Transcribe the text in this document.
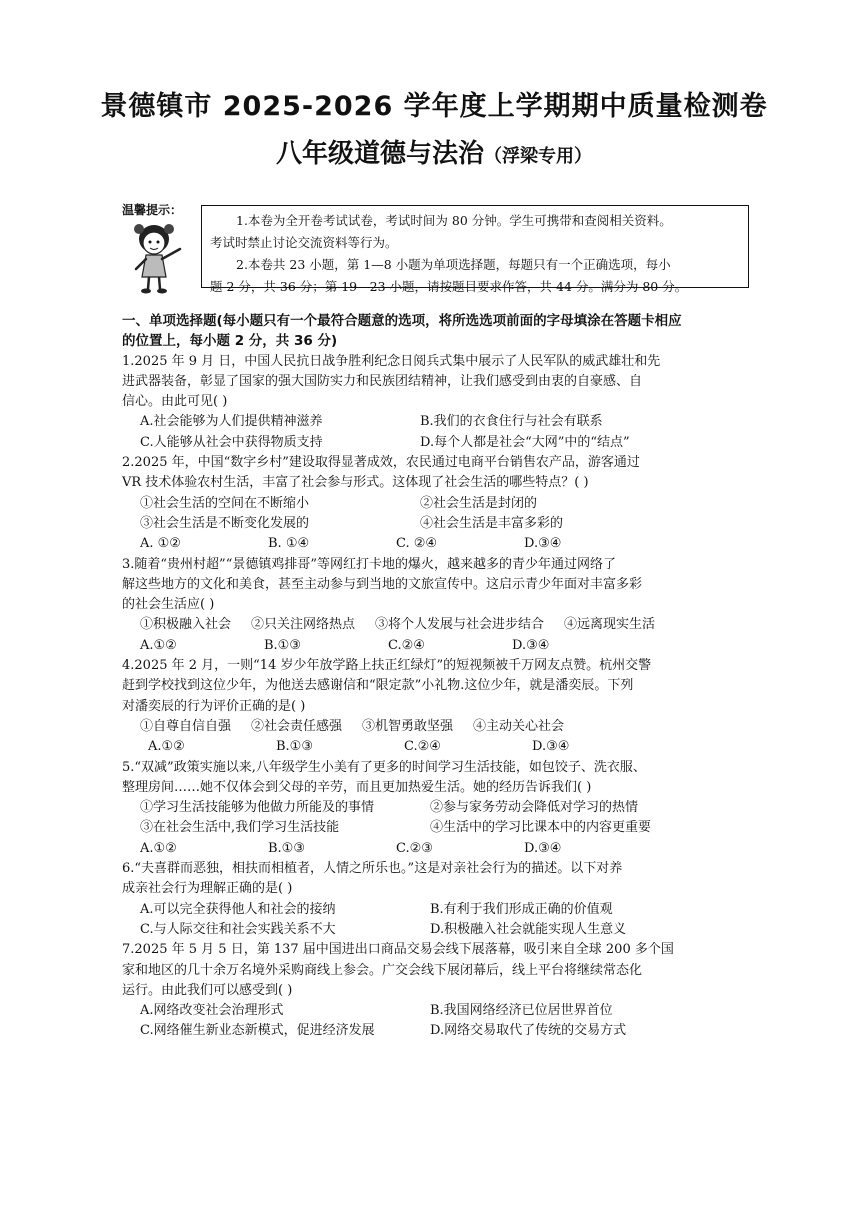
景德镇市 2025-2026 学年度上学期期中质量检测卷
八年级道德与法治（浮梁专用）
温馨提示：

1.本卷为全开卷考试试卷，考试时间为 80 分钟。学生可携带和查阅相关资料。

考试时禁止讨论交流资料等行为。

2.本卷共 23 小题，第 1—8 小题为单项选择题，每题只有一个正确选项，每小

题 2 分，共 36 分；第 19—23 小题，请按题目要求作答，共 44 分。满分为 80 分。

一、单项选择题(每小题只有一个最符合题意的选项，将所选选项前面的字母填涂在答题卡相应

的位置上，每小题 2 分，共 36 分)

1.2025 年 9 月 日，中国人民抗日战争胜利纪念日阅兵式集中展示了人民军队的威武雄壮和先

进武器装备，彰显了国家的强大国防实力和民族团结精神，让我们感受到由衷的自豪感、自

信心。由此可见( )

A.社会能够为人们提供精神滋养	B.我们的衣食住行与社会有联系
C.人能够从社会中获得物质支持	D.每个人都是社会“大网”中的“结点”

2.2025 年，中国“数字乡村”建设取得显著成效，农民通过电商平台销售农产品，游客通过

VR 技术体验农村生活，丰富了社会参与形式。这体现了社会生活的哪些特点？( )

①社会生活的空间在不断缩小	②社会生活是封闭的
③社会生活是不断变化发展的	④社会生活是丰富多彩的
A. ①②	B. ①④	C. ②④	D.③④

3.随着“贵州村超”“景德镇鸡排哥”等网红打卡地的爆火，越来越多的青少年通过网络了

解这些地方的文化和美食，甚至主动参与到当地的文旅宣传中。这启示青少年面对丰富多彩

的社会生活应( )

①积极融入社会 ②只关注网络热点 ③将个人发展与社会进步结合 ④远离现实生活
A.①②	B.①③	C.②④	D.③④

4.2025 年 2 月，一则“14 岁少年放学路上扶正红绿灯”的短视频被千万网友点赞。杭州交警

赶到学校找到这位少年，为他送去感谢信和“限定款”小礼物.这位少年，就是潘奕辰。下列

对潘奕辰的行为评价正确的是( )

①自尊自信自强 ②社会责任感强 ③机智勇敢坚强 ④主动关心社会
A.①②	B.①③	C.②④	D.③④

5.“双减”政策实施以来,八年级学生小美有了更多的时间学习生活技能，如包饺子、洗衣服、

整理房间……她不仅体会到父母的辛劳，而且更加热爱生活。她的经历告诉我们( )

①学习生活技能够为他做力所能及的事情	②参与家务劳动会降低对学习的热情
③在社会生活中,我们学习生活技能	④生活中的学习比课本中的内容更重要
A.①②	B.①③	C.②③	D.③④

6.“夫喜群而恶独，相扶而相植者，人情之所乐也。”这是对亲社会行为的描述。以下对养

成亲社会行为理解正确的是( )

A.可以完全获得他人和社会的接纳	B.有利于我们形成正确的价值观
C.与人际交往和社会实践关系不大	D.积极融入社会就能实现人生意义

7.2025 年 5 月 5 日，第 137 届中国进出口商品交易会线下展落幕，吸引来自全球 200 多个国

家和地区的几十余万名境外采购商线上参会。广交会线下展闭幕后，线上平台将继续常态化

运行。由此我们可以感受到( )

A.网络改变社会治理形式	B.我国网络经济已位居世界首位
C.网络催生新业态新模式，促进经济发展	D.网络交易取代了传统的交易方式
